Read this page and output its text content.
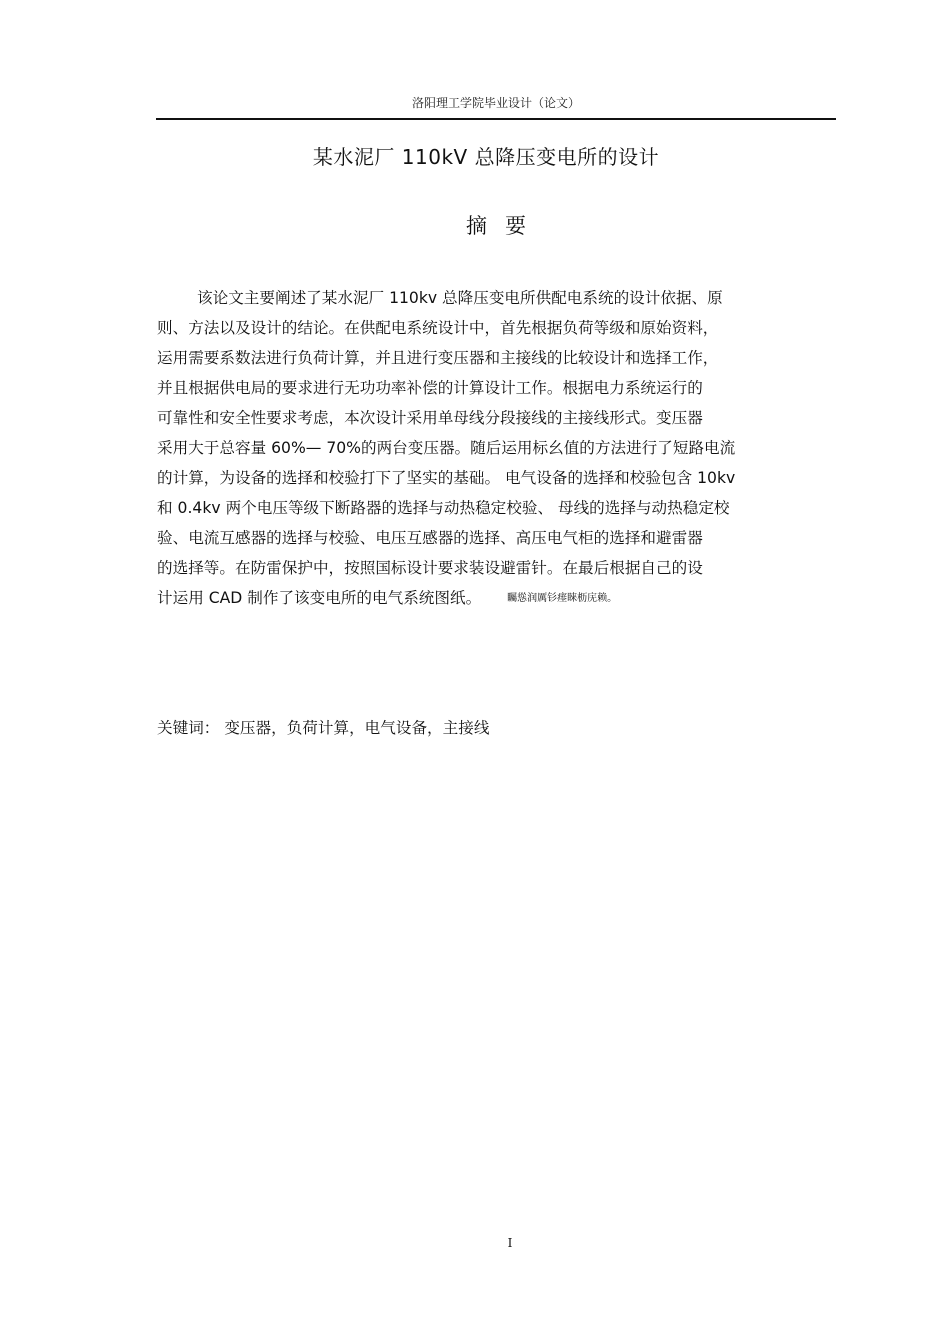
洛阳理工学院毕业设计（论文）
某水泥厂 110kV 总降压变电所的设计
摘要
该论文主要阐述了某水泥厂 110kv 总降压变电所供配电系统的设计依据、原
则、方法以及设计的结论。在供配电系统设计中，首先根据负荷等级和原始资料，
运用需要系数法进行负荷计算，并且进行变压器和主接线的比较设计和选择工作，
并且根据供电局的要求进行无功功率补偿的计算设计工作。根据电力系统运行的
可靠性和安全性要求考虑，本次设计采用单母线分段接线的主接线形式。变压器
采用大于总容量 60%— 70%的两台变压器。随后运用标幺值的方法进行了短路电流
的计算，为设备的选择和校验打下了坚实的基础。 电气设备的选择和校验包含 10kv
和 0.4kv 两个电压等级下断路器的选择与动热稳定校验、 母线的选择与动热稳定校
验、电流互感器的选择与校验、电压互感器的选择、高压电气柜的选择和避雷器
的选择等。在防雷保护中，按照国标设计要求装设避雷针。在最后根据自己的设
计运用 CAD 制作了该变电所的电气系统图纸。	矚慫润厲钐瘗睞枥庑赖。
关键词： 变压器，负荷计算，电气设备，主接线
I
